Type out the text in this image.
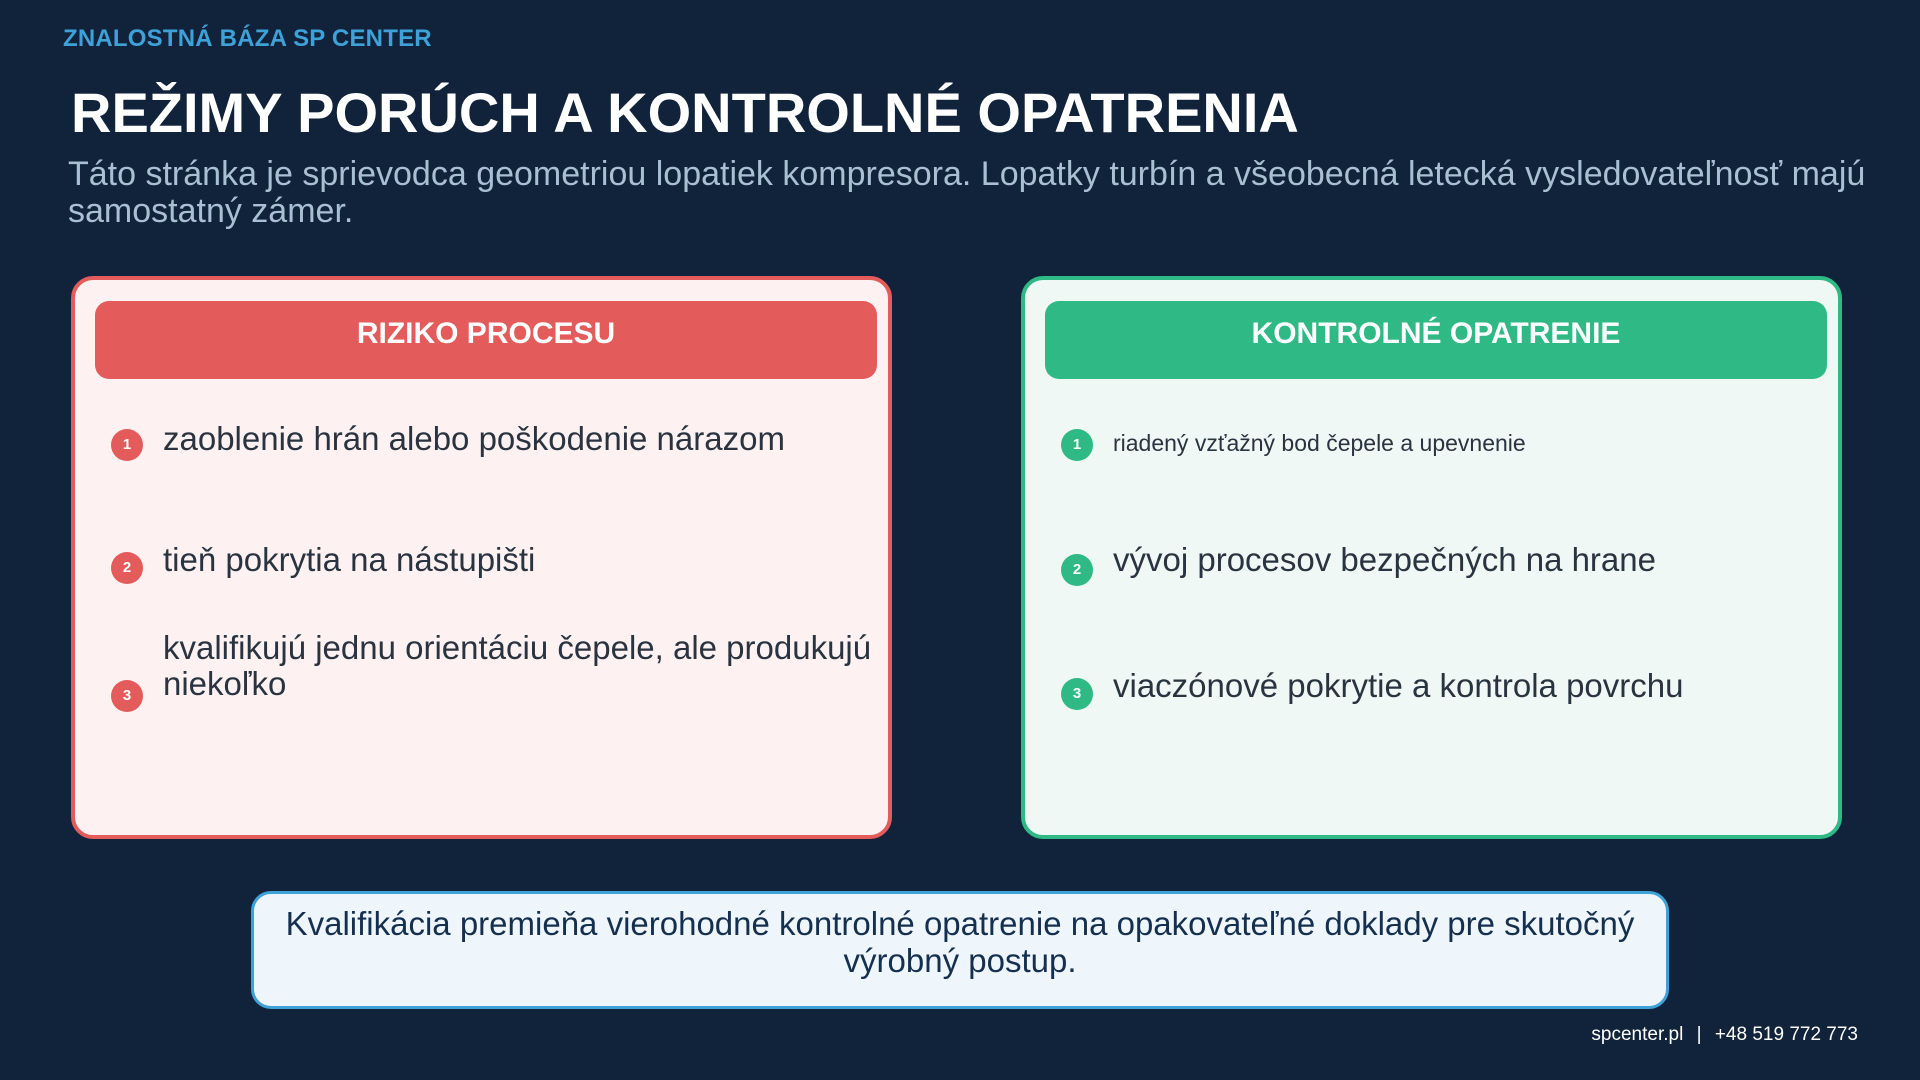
ZNALOSTNÁ BÁZA SP CENTER
REŽIMY PORÚCH A KONTROLNÉ OPATRENIA
Táto stránka je sprievodca geometriou lopatiek kompresora. Lopatky turbín a všeobecná letecká vysledovateľnosť majú samostatný zámer.
RIZIKO PROCESU
1 zaoblenie hrán alebo poškodenie nárazom
2 tieň pokrytia na nástupišti
3
kvalifikujú jednu orientáciu čepele, ale produkujú niekoľko
KONTROLNÉ OPATRENIE
1	riadený vzťažný bod čepele a upevnenie
2 vývoj procesov bezpečných na hrane
3 viaczónové pokrytie a kontrola povrchu
Kvalifikácia premieňa vierohodné kontrolné opatrenie na opakovateľné doklady pre skutočný výrobný postup.
spcenter.pl | +48 519 772 773
